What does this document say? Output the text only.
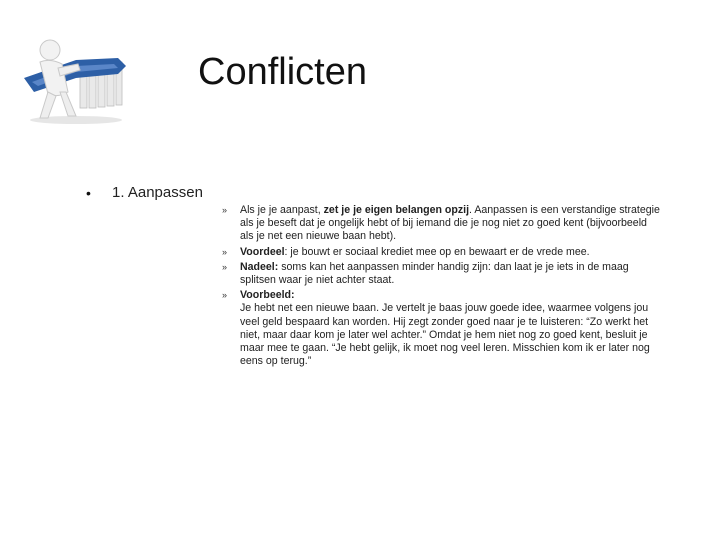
Conflicten
•	1. Aanpassen
»	Als je je aanpast, zet je je eigen belangen opzij. Aanpassen is een verstandige strategie als je beseft dat je ongelijk hebt of bij iemand die je nog niet zo goed kent (bijvoorbeeld als je net een nieuwe baan hebt).
»	Voordeel: je bouwt er sociaal krediet mee op en bewaart er de vrede mee.
»	Nadeel: soms kan het aanpassen minder handig zijn: dan laat je je iets in de maag splitsen waar je niet achter staat.
»	Voorbeeld:
Je hebt net een nieuwe baan. Je vertelt je baas jouw goede idee, waarmee volgens jou veel geld bespaard kan worden. Hij zegt zonder goed naar je te luisteren: “Zo werkt het niet, maar daar kom je later wel achter.” Omdat je hem niet nog zo goed kent, besluit je maar mee te gaan. “Je hebt gelijk, ik moet nog veel leren. Misschien kom ik er later nog eens op terug.”
